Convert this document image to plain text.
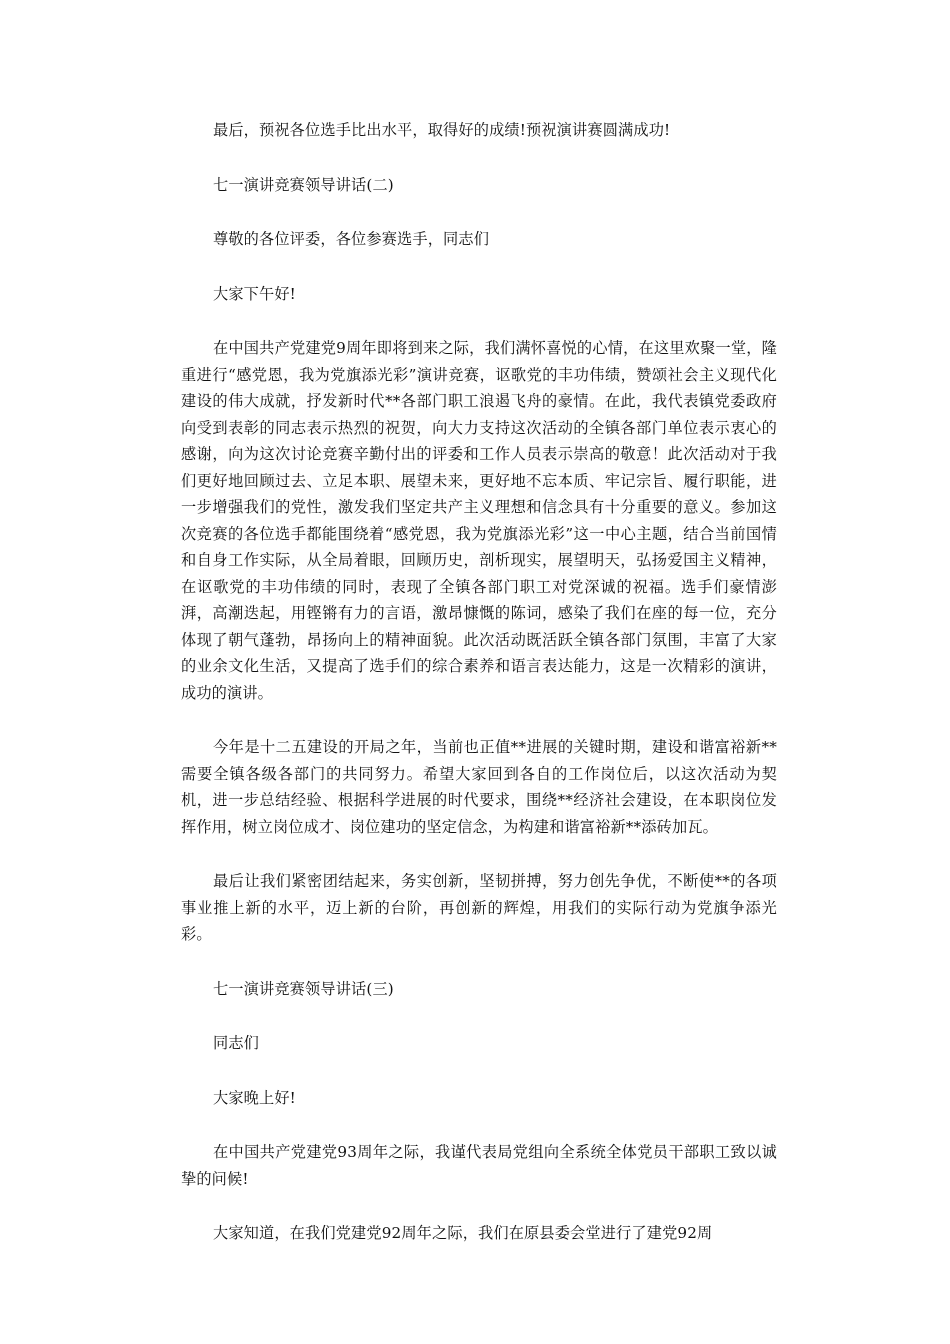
最后，预祝各位选手比出水平，取得好的成绩!预祝演讲赛圆满成功!

七一演讲竞赛领导讲话(二)

尊敬的各位评委，各位参赛选手，同志们

大家下午好!

在中国共产党建党9周年即将到来之际，我们满怀喜悦的心情，在这里欢聚一堂，隆重进行“感党恩，我为党旗添光彩”演讲竞赛，讴歌党的丰功伟绩，赞颂社会主义现代化建设的伟大成就，抒发新时代**各部门职工浪遏飞舟的豪情。在此，我代表镇党委政府向受到表彰的同志表示热烈的祝贺，向大力支持这次活动的全镇各部门单位表示衷心的感谢，向为这次讨论竞赛辛勤付出的评委和工作人员表示崇高的敬意！此次活动对于我们更好地回顾过去、立足本职、展望未来，更好地不忘本质、牢记宗旨、履行职能，进一步增强我们的党性，激发我们坚定共产主义理想和信念具有十分重要的意义。参加这次竞赛的各位选手都能围绕着“感党恩，我为党旗添光彩”这一中心主题，结合当前国情和自身工作实际，从全局着眼，回顾历史，剖析现实，展望明天，弘扬爱国主义精神，在讴歌党的丰功伟绩的同时，表现了全镇各部门职工对党深诚的祝福。选手们豪情澎湃，高潮迭起，用铿锵有力的言语，激昂慷慨的陈词，感染了我们在座的每一位，充分体现了朝气蓬勃，昂扬向上的精神面貌。此次活动既活跃全镇各部门氛围，丰富了大家的业余文化生活，又提高了选手们的综合素养和语言表达能力，这是一次精彩的演讲，成功的演讲。

今年是十二五建设的开局之年，当前也正值**进展的关键时期，建设和谐富裕新**需要全镇各级各部门的共同努力。希望大家回到各自的工作岗位后，以这次活动为契机，进一步总结经验、根据科学进展的时代要求，围绕**经济社会建设，在本职岗位发挥作用，树立岗位成才、岗位建功的坚定信念，为构建和谐富裕新**添砖加瓦。

最后让我们紧密团结起来，务实创新，坚韧拼搏，努力创先争优，不断使**的各项事业推上新的水平，迈上新的台阶，再创新的辉煌，用我们的实际行动为党旗争添光彩。

七一演讲竞赛领导讲话(三)

同志们

大家晚上好!

在中国共产党建党93周年之际，我谨代表局党组向全系统全体党员干部职工致以诚挚的问候!

大家知道，在我们党建党92周年之际，我们在原县委会堂进行了建党92周
